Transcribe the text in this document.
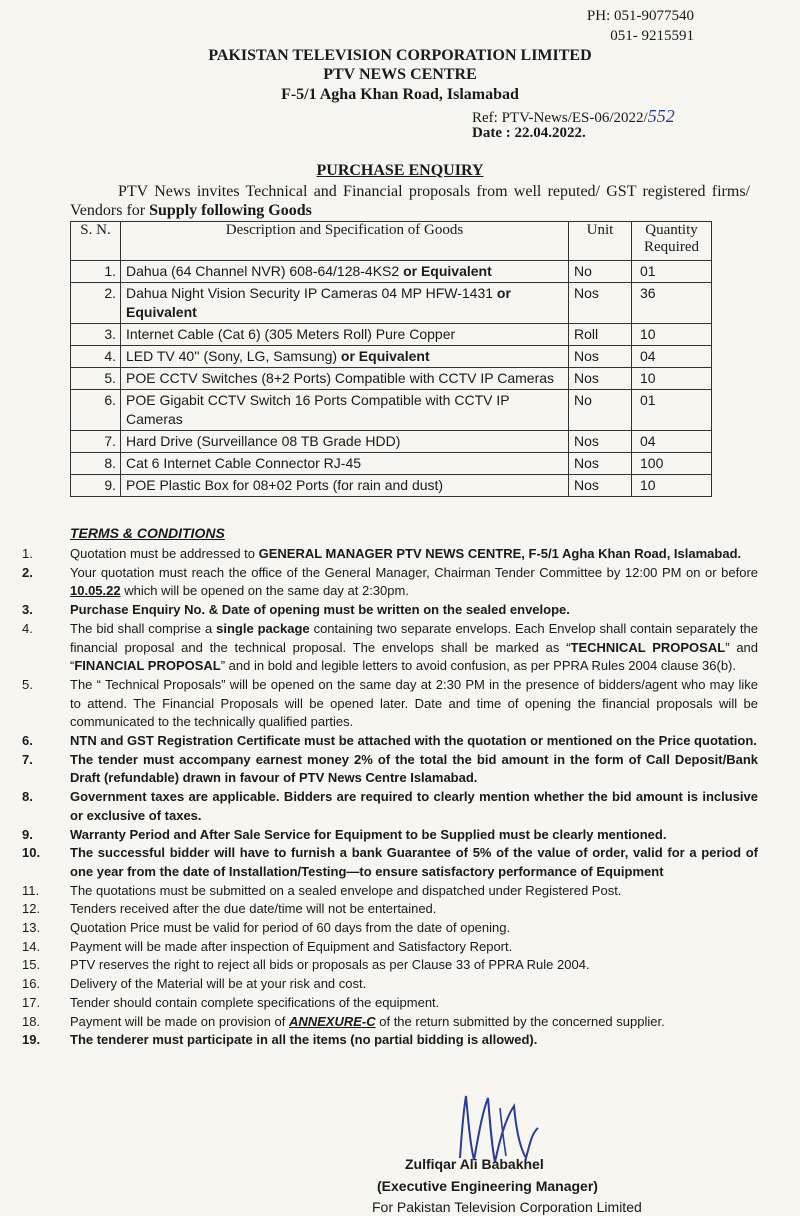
PH: 051-9077540
051- 9215591
PAKISTAN TELEVISION CORPORATION LIMITED
PTV NEWS CENTRE
F-5/1 Agha Khan Road, Islamabad
Ref: PTV-News/ES-06/2022/552
Date : 22.04.2022.
PURCHASE ENQUIRY
PTV News invites Technical and Financial proposals from well reputed/ GST registered firms/ Vendors for Supply following Goods
S. N.	Description and Specification of Goods	Unit	Quantity Required
1.	Dahua (64 Channel NVR) 608-64/128-4KS2 or Equivalent	No	01
2.	Dahua Night Vision Security IP Cameras 04 MP HFW-1431 or Equivalent	Nos	36
3.	Internet Cable (Cat 6) (305 Meters Roll) Pure Copper	Roll	10
4.	LED TV 40'' (Sony, LG, Samsung) or Equivalent	Nos	04
5.	POE CCTV Switches (8+2 Ports) Compatible with CCTV IP Cameras	Nos	10
6.	POE Gigabit CCTV Switch 16 Ports Compatible with CCTV IP Cameras	No	01
7.	Hard Drive (Surveillance 08 TB Grade HDD)	Nos	04
8.	Cat 6 Internet Cable Connector RJ-45	Nos	100
9.	POE Plastic Box for 08+02 Ports (for rain and dust)	Nos	10
TERMS & CONDITIONS
1.	Quotation must be addressed to GENERAL MANAGER PTV NEWS CENTRE, F-5/1 Agha Khan Road, Islamabad.
2.	Your quotation must reach the office of the General Manager, Chairman Tender Committee by 12:00 PM on or before 10.05.22 which will be opened on the same day at 2:30pm.
3.	Purchase Enquiry No. & Date of opening must be written on the sealed envelope.
4.	The bid shall comprise a single package containing two separate envelops. Each Envelop shall contain separately the financial proposal and the technical proposal. The envelops shall be marked as “TECHNICAL PROPOSAL” and “FINANCIAL PROPOSAL” and in bold and legible letters to avoid confusion, as per PPRA Rules 2004 clause 36(b).
5.	The “ Technical Proposals” will be opened on the same day at 2:30 PM in the presence of bidders/agent who may like to attend. The Financial Proposals will be opened later. Date and time of opening the financial proposals will be communicated to the technically qualified parties.
6.	NTN and GST Registration Certificate must be attached with the quotation or mentioned on the Price quotation.
7.	The tender must accompany earnest money 2% of the total the bid amount in the form of Call Deposit/Bank Draft (refundable) drawn in favour of PTV News Centre Islamabad.
8.	Government taxes are applicable. Bidders are required to clearly mention whether the bid amount is inclusive or exclusive of taxes.
9.	Warranty Period and After Sale Service for Equipment to be Supplied must be clearly mentioned.
10.	The successful bidder will have to furnish a bank Guarantee of 5% of the value of order, valid for a period of one year from the date of Installation/Testing—to ensure satisfactory performance of Equipment
11.	The quotations must be submitted on a sealed envelope and dispatched under Registered Post.
12.	Tenders received after the due date/time will not be entertained.
13.	Quotation Price must be valid for period of 60 days from the date of opening.
14.	Payment will be made after inspection of Equipment and Satisfactory Report.
15.	PTV reserves the right to reject all bids or proposals as per Clause 33 of PPRA Rule 2004.
16.	Delivery of the Material will be at your risk and cost.
17.	Tender should contain complete specifications of the equipment.
18.	Payment will be made on provision of ANNEXURE-C of the return submitted by the concerned supplier.
19.	The tenderer must participate in all the items (no partial bidding is allowed).
Zulfiqar Ali Babakhel
(Executive Engineering Manager)
For Pakistan Television Corporation Limited
